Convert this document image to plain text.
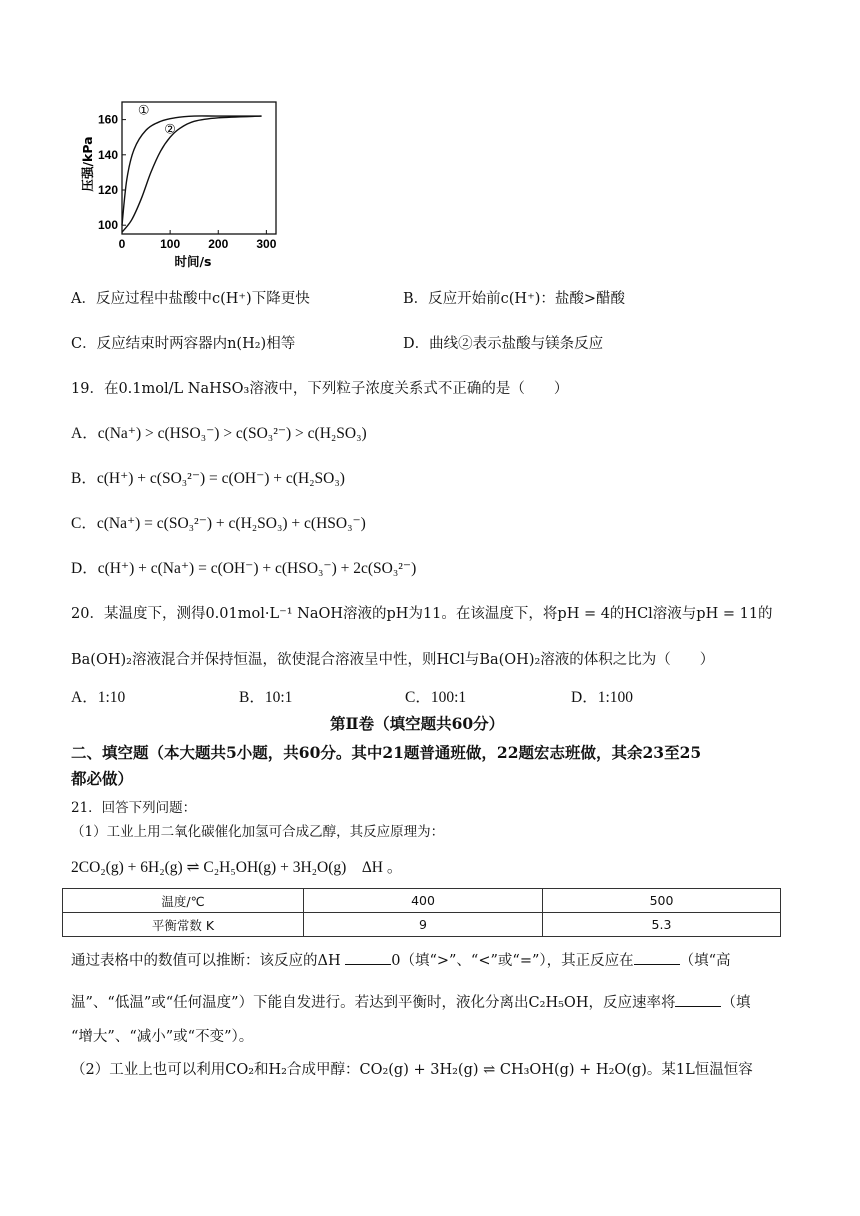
0	100 200 300
100
120
140
160
时间/s
压强/kPa
①
②
A．反应过程中盐酸中c(H⁺)下降更快	B．反应开始前c(H⁺)：盐酸>醋酸
C．反应结束时两容器内n(H₂)相等	D．曲线②表示盐酸与镁条反应
19．在0.1mol/L NaHSO₃溶液中，下列粒子浓度关系式不正确的是（　　）
A．c(Na⁺) > c(HSO₃⁻) > c(SO₃²⁻) > c(H₂SO₃)
B．c(H⁺) + c(SO₃²⁻) = c(OH⁻) + c(H₂SO₃)
C．c(Na⁺) = c(SO₃²⁻) + c(H₂SO₃) + c(HSO₃⁻)
D．c(H⁺) + c(Na⁺) = c(OH⁻) + c(HSO₃⁻) + 2c(SO₃²⁻)
20．某温度下，测得0.01mol·L⁻¹ NaOH溶液的pH为11。在该温度下，将pH = 4的HCl溶液与pH = 11的
Ba(OH)₂溶液混合并保持恒温，欲使混合溶液呈中性，则HCl与Ba(OH)₂溶液的体积之比为（　　）
A．1:10	B．10:1	C．100:1	D．1:100
第Ⅱ卷（填空题共60分）
二、填空题（本大题共5小题，共60分。其中21题普通班做，22题宏志班做，其余23至25
都必做）
21．回答下列问题：
（1）工业上用二氧化碳催化加氢可合成乙醇，其反应原理为：
2CO₂(g) + 6H₂(g) ⇌ C₂H₅OH(g) + 3H₂O(g)　ΔH 。
温度/℃	400	500
平衡常数 K	9	5.3
通过表格中的数值可以推断：该反应的ΔH	0（填“>”、“<”或“=”），其正反应在	（填“高
温”、“低温”或“任何温度”）下能自发进行。若达到平衡时，液化分离出C₂H₅OH，反应速率将	（填
“增大”、“减小”或“不变”）。
（2）工业上也可以利用CO₂和H₂合成甲醇：CO₂(g) + 3H₂(g) ⇌ CH₃OH(g) + H₂O(g)。某1L恒温恒容
